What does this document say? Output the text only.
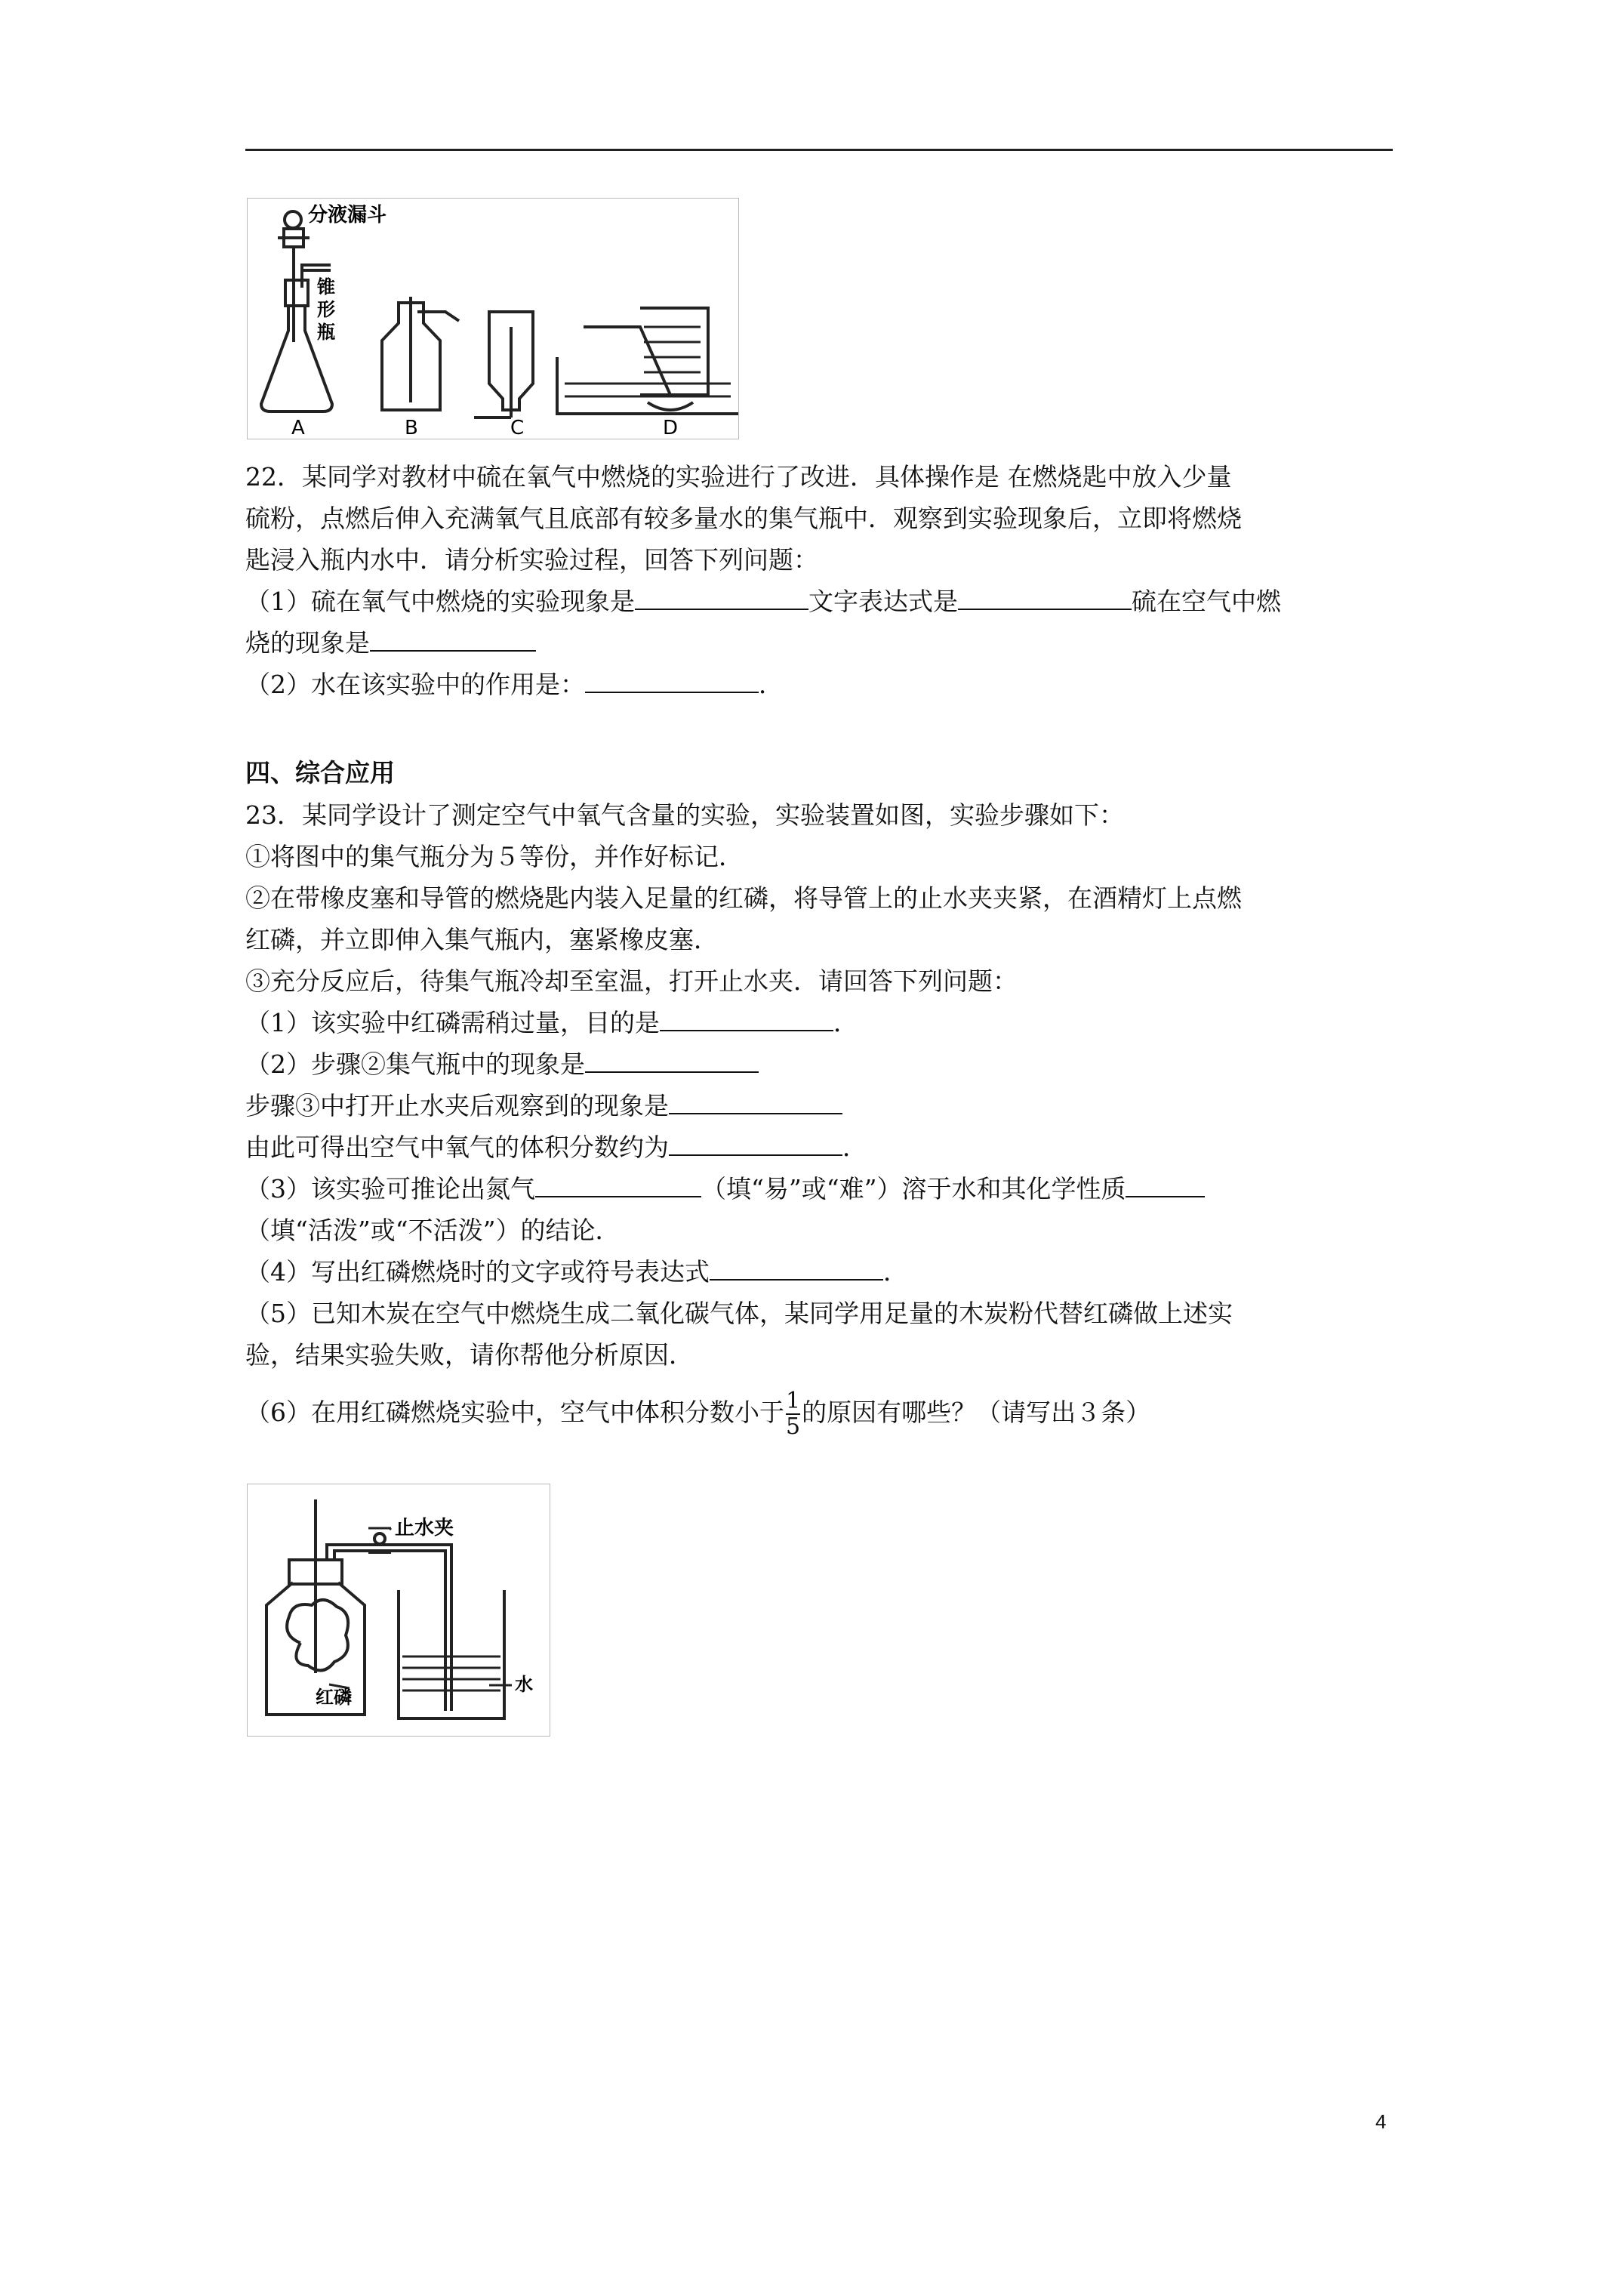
分液漏斗
锥
形
瓶
A	B	C	D
22．某同学对教材中硫在氧气中燃烧的实验进行了改进．具体操作是 在燃烧匙中放入少量
硫粉，点燃后伸入充满氧气且底部有较多量水的集气瓶中．观察到实验现象后，立即将燃烧
匙浸入瓶内水中．请分析实验过程，回答下列问题：
（1）硫在氧气中燃烧的实验现象是	文字表达式是	硫在空气中燃
烧的现象是
（2）水在该实验中的作用是：	．
四、综合应用
23．某同学设计了测定空气中氧气含量的实验，实验装置如图，实验步骤如下：
①将图中的集气瓶分为５等份，并作好标记．
②在带橡皮塞和导管的燃烧匙内装入足量的红磷，将导管上的止水夹夹紧，在酒精灯上点燃
红磷，并立即伸入集气瓶内，塞紧橡皮塞．
③充分反应后，待集气瓶冷却至室温，打开止水夹．请回答下列问题：
（1）该实验中红磷需稍过量，目的是	．
（2）步骤②集气瓶中的现象是
步骤③中打开止水夹后观察到的现象是
由此可得出空气中氧气的体积分数约为	．
（3）该实验可推论出氮气	（填“易”或“难”）溶于水和其化学性质
（填“活泼”或“不活泼”）的结论．
（4）写出红磷燃烧时的文字或符号表达式	．
（5）已知木炭在空气中燃烧生成二氧化碳气体，某同学用足量的木炭粉代替红磷做上述实
验，结果实验失败，请你帮他分析原因．
（6）在用红磷燃烧实验中，空气中体积分数小于 $\frac{1}{5}$ 的原因有哪些？（请写出３条）
止水夹
红磷
水
4
